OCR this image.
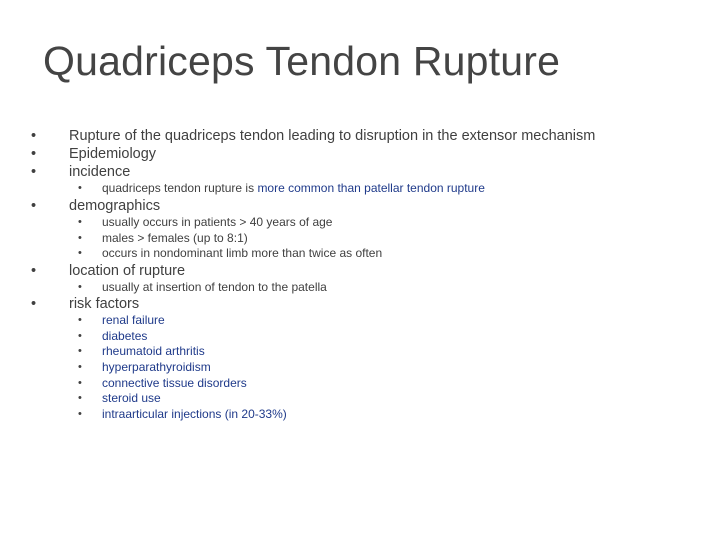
Quadriceps Tendon Rupture
• Rupture of the quadriceps tendon leading to disruption in the extensor mechanism
• Epidemiology
• incidence
• quadriceps tendon rupture is more common than patellar tendon rupture
• demographics
• usually occurs in patients > 40 years of age
• males > females (up to 8:1)
• occurs in nondominant limb more than twice as often
• location of rupture
• usually at insertion of tendon to the patella
• risk factors
• renal failure
• diabetes
• rheumatoid arthritis
• hyperparathyroidism
• connective tissue disorders
• steroid use
• intraarticular injections (in 20-33%)
